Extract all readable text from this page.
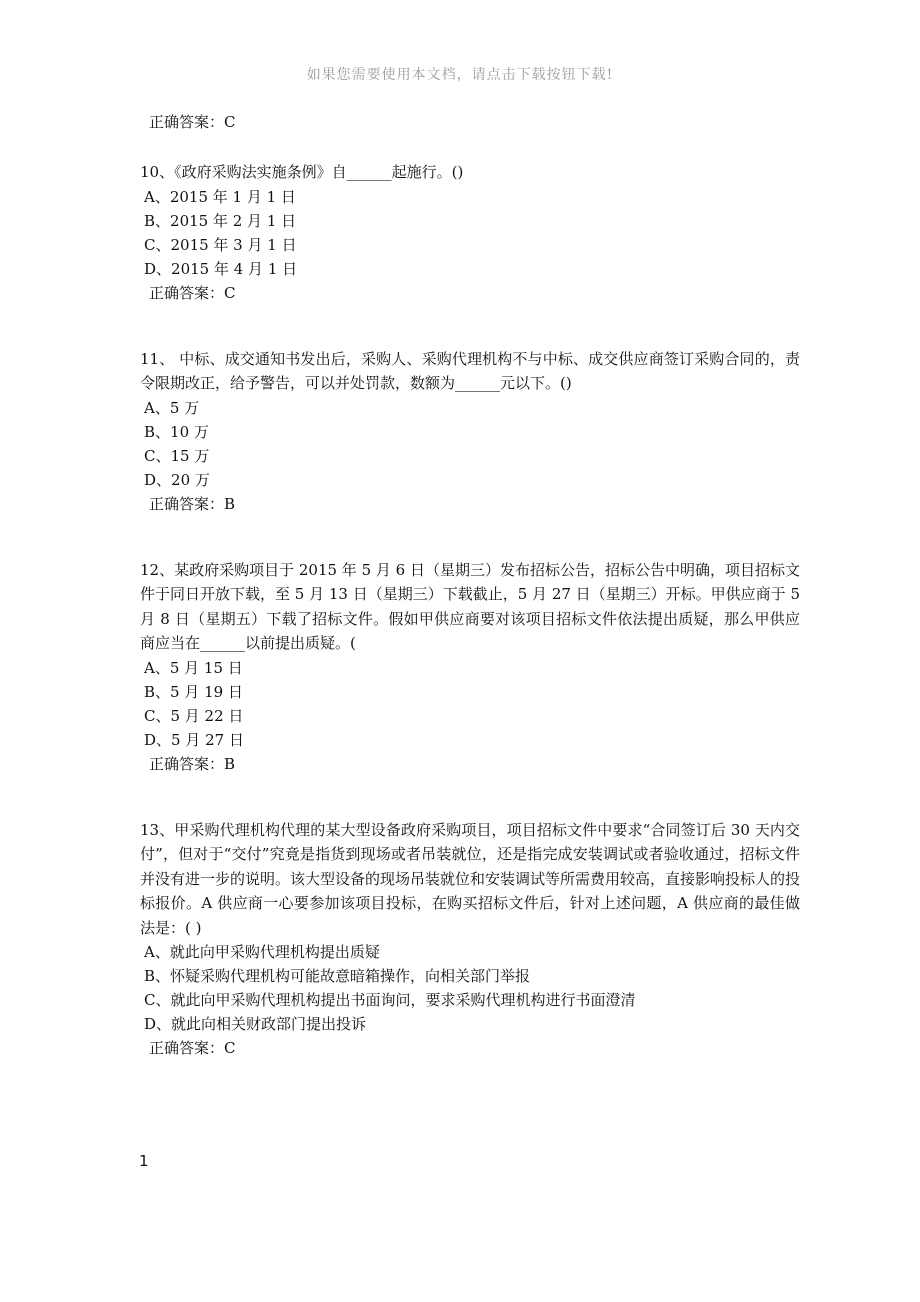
如果您需要使用本文档，请点击下载按钮下载!
正确答案：C
10、《政府采购法实施条例》自______起施行。()
A、2015 年 1 月 1 日
B、2015 年 2 月 1 日
C、2015 年 3 月 1 日
D、2015 年 4 月 1 日
正确答案：C
11、 中标、成交通知书发出后，采购人、采购代理机构不与中标、成交供应商签订采购合同的，责令限期改正，给予警告，可以并处罚款，数额为______元以下。()
A、5 万
B、10 万
C、15 万
D、20 万
正确答案：B
12、某政府采购项目于 2015 年 5 月 6 日（星期三）发布招标公告，招标公告中明确，项目招标文件于同日开放下载，至 5 月 13 日（星期三）下载截止，5 月 27 日（星期三）开标。甲供应商于 5 月 8 日（星期五）下载了招标文件。假如甲供应商要对该项目招标文件依法提出质疑，那么甲供应商应当在______以前提出质疑。(
A、5 月 15 日
B、5 月 19 日
C、5 月 22 日
D、5 月 27 日
正确答案：B
13、甲采购代理机构代理的某大型设备政府采购项目，项目招标文件中要求“合同签订后 30 天内交付”，但对于“交付”究竟是指货到现场或者吊装就位，还是指完成安装调试或者验收通过，招标文件并没有进一步的说明。该大型设备的现场吊装就位和安装调试等所需费用较高，直接影响投标人的投标报价。A 供应商一心要参加该项目投标，在购买招标文件后，针对上述问题，A 供应商的最佳做法是：( )
A、就此向甲采购代理机构提出质疑
B、怀疑采购代理机构可能故意暗箱操作，向相关部门举报
C、就此向甲采购代理机构提出书面询问，要求采购代理机构进行书面澄清
D、就此向相关财政部门提出投诉
正确答案：C
1
